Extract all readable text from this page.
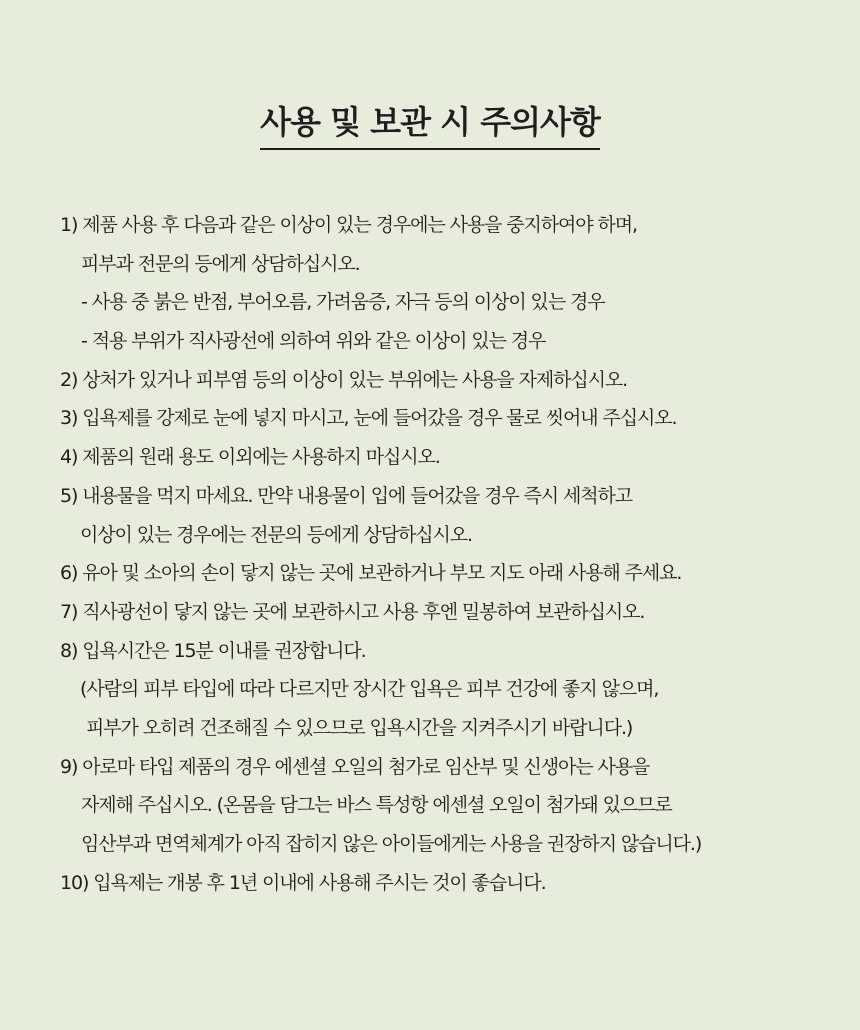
사용 및 보관 시 주의사항
1) 제품 사용 후 다음과 같은 이상이 있는 경우에는 사용을 중지하여야 하며,
피부과 전문의 등에게 상담하십시오.
- 사용 중 붉은 반점, 부어오름, 가려움증, 자극 등의 이상이 있는 경우
- 적용 부위가 직사광선에 의하여 위와 같은 이상이 있는 경우
2) 상처가 있거나 피부염 등의 이상이 있는 부위에는 사용을 자제하십시오.
3) 입욕제를 강제로 눈에 넣지 마시고, 눈에 들어갔을 경우 물로 씻어내 주십시오.
4) 제품의 원래 용도 이외에는 사용하지 마십시오.
5) 내용물을 먹지 마세요. 만약 내용물이 입에 들어갔을 경우 즉시 세척하고
이상이 있는 경우에는 전문의 등에게 상담하십시오.
6) 유아 및 소아의 손이 닿지 않는 곳에 보관하거나 부모 지도 아래 사용해 주세요.
7) 직사광선이 닿지 않는 곳에 보관하시고 사용 후엔 밀봉하여 보관하십시오.
8) 입욕시간은 15분 이내를 권장합니다.
(사람의 피부 타입에 따라 다르지만 장시간 입욕은 피부 건강에 좋지 않으며,
피부가 오히려 건조해질 수 있으므로 입욕시간을 지켜주시기 바랍니다.)
9) 아로마 타입 제품의 경우 에센셜 오일의 첨가로 임산부 및 신생아는 사용을
자제해 주십시오. (온몸을 담그는 바스 특성항 에센셜 오일이 첨가돼 있으므로
임산부과 면역체계가 아직 잡히지 않은 아이들에게는 사용을 권장하지 않습니다.)
10) 입욕제는 개봉 후 1년 이내에 사용해 주시는 것이 좋습니다.
